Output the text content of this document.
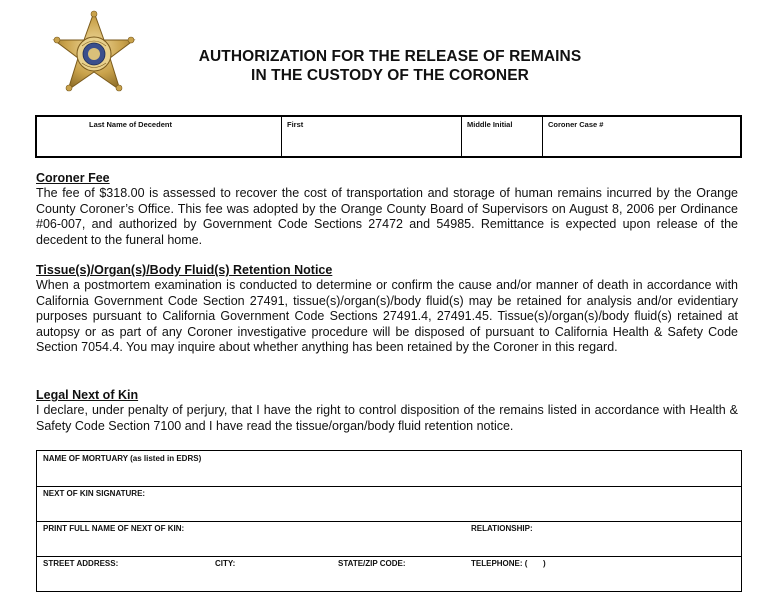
AUTHORIZATION FOR THE RELEASE OF REMAINS
IN THE CUSTODY OF THE CORONER
Last Name of Decedent	First	Middle Initial	Coroner Case #
Coroner Fee

The fee of $318.00 is assessed to recover the cost of transportation and storage of human remains incurred by the Orange County Coroner’s Office. This fee was adopted by the Orange County Board of Supervisors on August 8, 2006 per Ordinance #06-007, and authorized by Government Code Sections 27472 and 54985. Remittance is expected upon release of the decedent to the funeral home.

Tissue(s)/Organ(s)/Body Fluid(s) Retention Notice

When a postmortem examination is conducted to determine or confirm the cause and/or manner of death in accordance with California Government Code Section 27491, tissue(s)/organ(s)/body fluid(s) may be retained for analysis and/or evidentiary purposes pursuant to California Government Code Sections 27491.4, 27491.45. Tissue(s)/organ(s)/body fluid(s) retained at autopsy or as part of any Coroner investigative procedure will be disposed of pursuant to California Health & Safety Code Section 7054.4. You may inquire about whether anything has been retained by the Coroner in this regard.

Legal Next of Kin

I declare, under penalty of perjury, that I have the right to control disposition of the remains listed in accordance with Health & Safety Code Section 7100 and I have read the tissue/organ/body fluid retention notice.

NAME OF MORTUARY (as listed in EDRS)
NEXT OF KIN SIGNATURE:
PRINT FULL NAME OF NEXT OF KIN:	RELATIONSHIP:
STREET ADDRESS:	CITY:	STATE/ZIP CODE:	TELEPHONE: (       )
